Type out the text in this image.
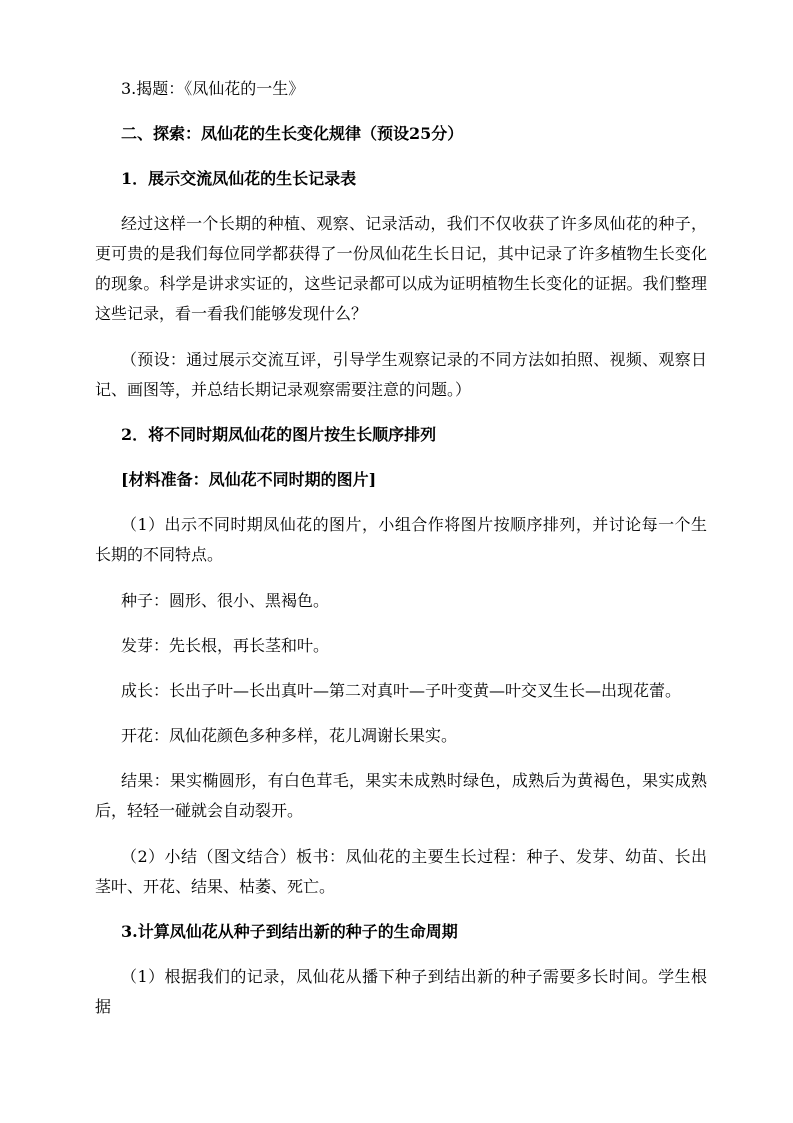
3.揭题：《凤仙花的一生》

二、探索：凤仙花的生长变化规律（预设25分）

1．展示交流凤仙花的生长记录表

经过这样一个长期的种植、观察、记录活动，我们不仅收获了许多凤仙花的种子，更可贵的是我们每位同学都获得了一份凤仙花生长日记，其中记录了许多植物生长变化的现象。科学是讲求实证的，这些记录都可以成为证明植物生长变化的证据。我们整理这些记录，看一看我们能够发现什么？

（预设：通过展示交流互评，引导学生观察记录的不同方法如拍照、视频、观察日记、画图等，并总结长期记录观察需要注意的问题。）

2．将不同时期凤仙花的图片按生长顺序排列

[材料准备：凤仙花不同时期的图片]

（1）出示不同时期凤仙花的图片，小组合作将图片按顺序排列，并讨论每一个生长期的不同特点。

种子：圆形、很小、黑褐色。

发芽：先长根，再长茎和叶。

成长：长出子叶—长出真叶—第二对真叶—子叶变黄—叶交叉生长—出现花蕾。

开花：凤仙花颜色多种多样，花儿凋谢长果实。

结果：果实椭圆形，有白色茸毛，果实未成熟时绿色，成熟后为黄褐色，果实成熟后，轻轻一碰就会自动裂开。

（2）小结（图文结合）板书：凤仙花的主要生长过程：种子、发芽、幼苗、长出茎叶、开花、结果、枯萎、死亡。

3.计算凤仙花从种子到结出新的种子的生命周期

（1）根据我们的记录，凤仙花从播下种子到结出新的种子需要多长时间。学生根据
